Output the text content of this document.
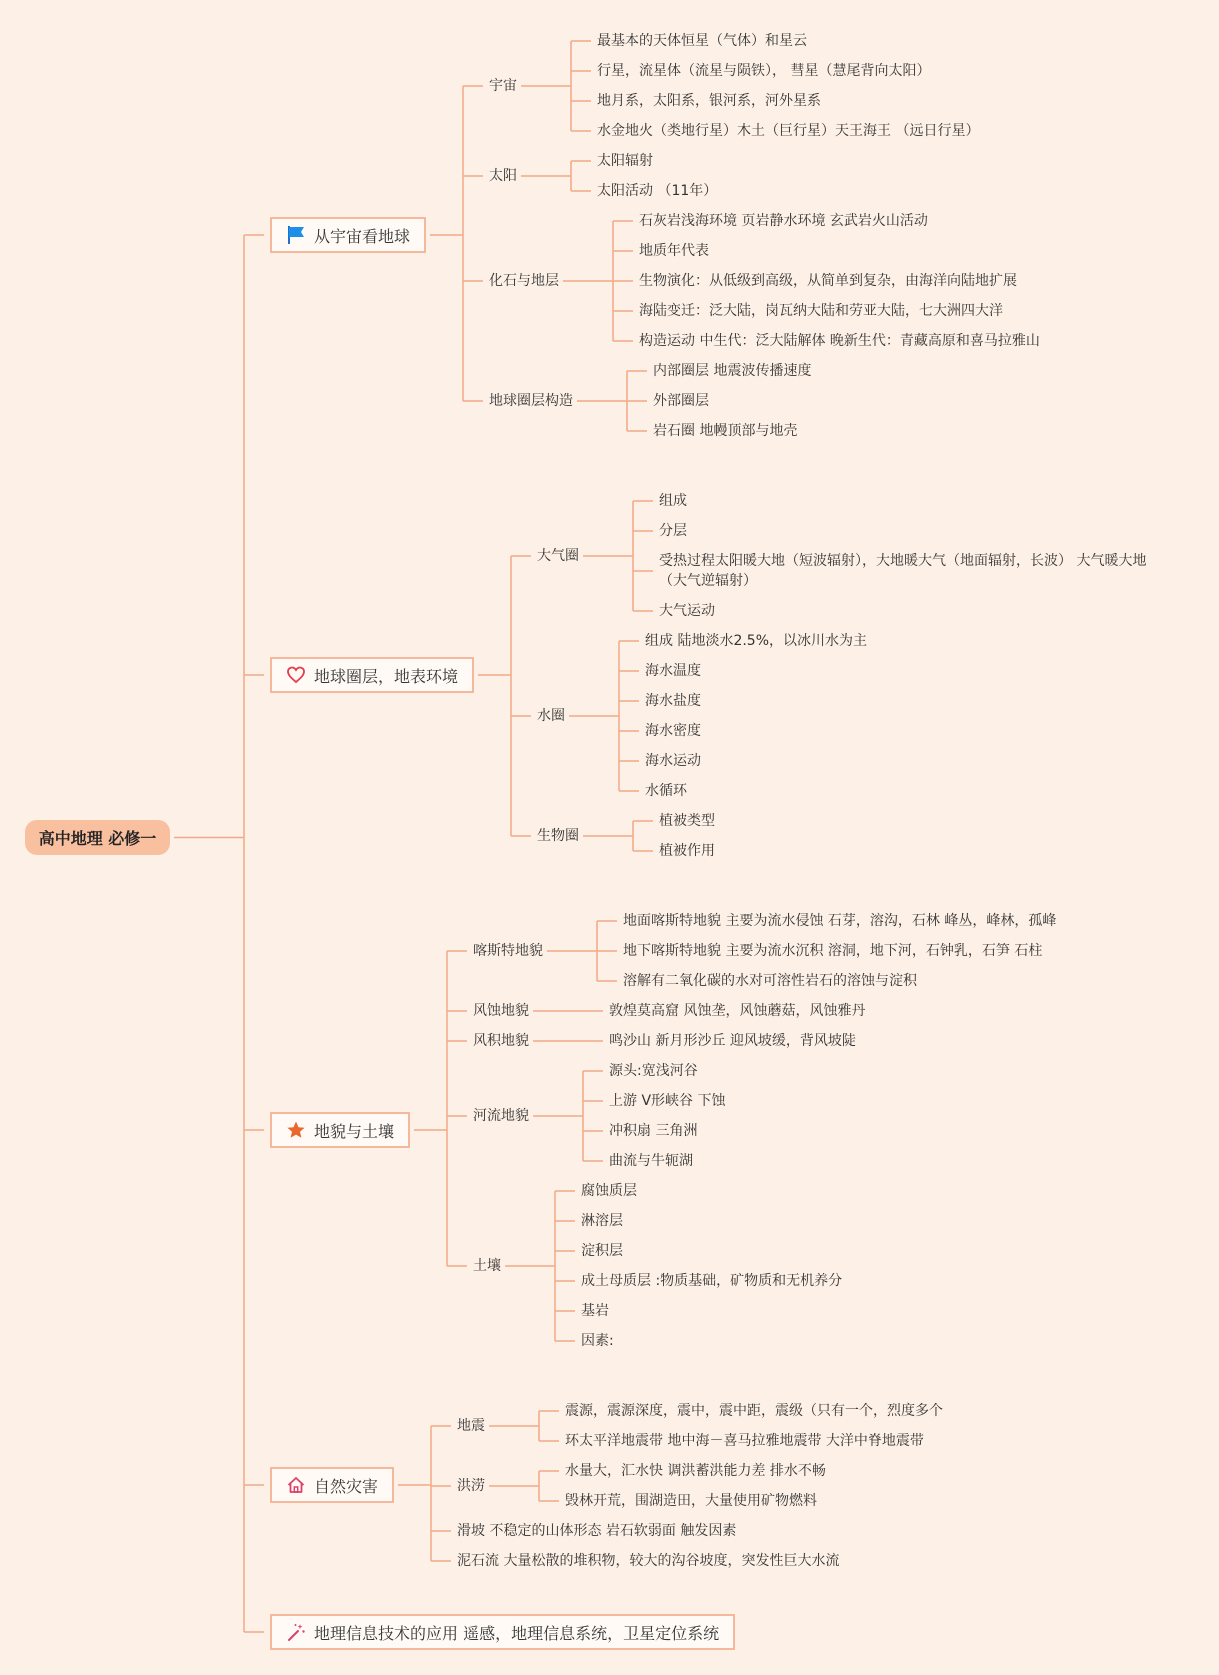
高中地理 必修一
从宇宙看地球
宇宙
最基本的天体恒星（气体）和星云
行星，流星体（流星与陨铁）， 彗星（慧尾背向太阳）
地月系，太阳系，银河系，河外星系
水金地火（类地行星）木土（巨行星）天王海王 （远日行星）
太阳
太阳辐射
太阳活动 （11年）
化石与地层
石灰岩浅海环境 页岩静水环境 玄武岩火山活动
地质年代表
生物演化：从低级到高级，从简单到复杂，由海洋向陆地扩展
海陆变迁：泛大陆，岗瓦纳大陆和劳亚大陆，七大洲四大洋
构造运动 中生代：泛大陆解体 晚新生代：青藏高原和喜马拉雅山
地球圈层构造
内部圈层 地震波传播速度
外部圈层
岩石圈 地幔顶部与地壳
地球圈层，地表环境
大气圈
组成
分层
受热过程太阳暖大地（短波辐射），大地暖大气（地面辐射，长波） 大气暖大地（大气逆辐射）
大气运动
水圈
组成 陆地淡水2.5%，以冰川水为主
海水温度
海水盐度
海水密度
海水运动
水循环
生物圈
植被类型
植被作用
地貌与土壤
喀斯特地貌
地面喀斯特地貌 主要为流水侵蚀 石芽，溶沟，石林 峰丛，峰林，孤峰
地下喀斯特地貌 主要为流水沉积 溶洞，地下河，石钟乳，石笋 石柱
溶解有二氧化碳的水对可溶性岩石的溶蚀与淀积
风蚀地貌	敦煌莫高窟 风蚀垄，风蚀蘑菇，风蚀雅丹
风积地貌	鸣沙山 新月形沙丘 迎风坡缓，背风坡陡
河流地貌
源头:宽浅河谷
上游 V形峡谷 下蚀
冲积扇 三角洲
曲流与牛轭湖
土壤
腐蚀质层
淋溶层
淀积层
成土母质层 :物质基础，矿物质和无机养分
基岩
因素:
自然灾害
地震
震源，震源深度，震中，震中距，震级（只有一个，烈度多个
环太平洋地震带 地中海－喜马拉雅地震带 大洋中脊地震带
洪涝
水量大，汇水快 调洪蓄洪能力差 排水不畅
毁林开荒，围湖造田，大量使用矿物燃料
滑坡 不稳定的山体形态 岩石软弱面 触发因素
泥石流 大量松散的堆积物，较大的沟谷坡度，突发性巨大水流
地理信息技术的应用 遥感，地理信息系统，卫星定位系统
